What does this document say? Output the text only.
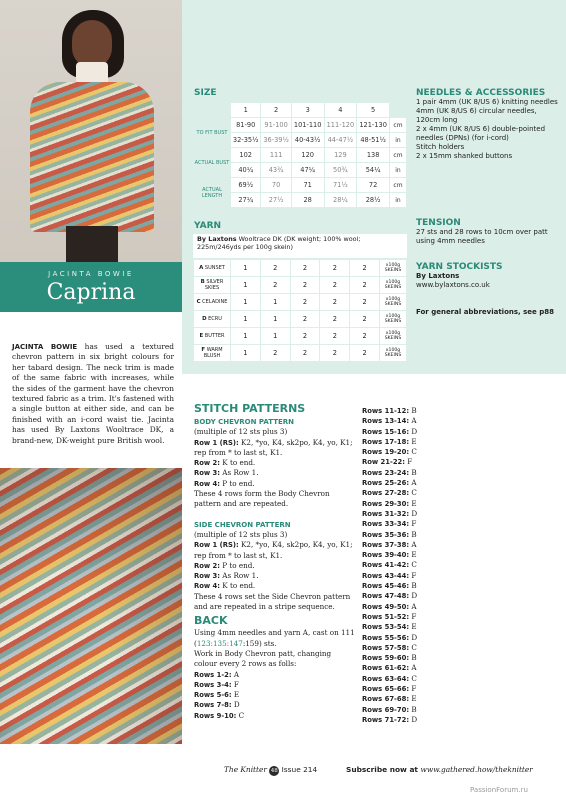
JACINTA BOWIE
Caprina
JACINTA BOWIE has used a textured chevron pattern in six bright colours for her tabard design. The neck trim is made of the same fabric with increases, while the sides of the garment have the chevron textured fabric as a trim. It's fastened with a single button at either side, and can be finished with an i-cord waist tie. Jacinta has used By Laxtons Wooltrace DK, a brand-new, DK-weight pure British wool.
SIZE
	1	2	3	4	5	
TO FIT BUST	81-90	91-100	101-110	111-120	121-130	cm
	32-35½	36-39½	40-43½	44-47½	48-51½	in
ACTUAL BUST	102	111	120	129	138	cm
	40¼	43¾	47¼	50¾	54¼	in
ACTUAL LENGTH	69½	70	71	71½	72	cm
	27¼	27½	28	28¼	28½	in
YARN
By Laxtons Wooltrace DK (DK weight; 100% wool; 225m/246yds per 100g skein)
A SUNSET	1	2	2	2	2	x100g SKEINS
B SILVER SKIES	1	2	2	2	2	x100g SKEINS
C CELADINE	1	1	2	2	2	x100g SKEINS
D ECRU	1	1	2	2	2	x100g SKEINS
E BUTTER	1	1	2	2	2	x100g SKEINS
F WARM BLUSH	1	2	2	2	2	x100g SKEINS
NEEDLES & ACCESSORIES
1 pair 4mm (UK 8/US 6) knitting needles
4mm (UK 8/US 6) circular needles, 120cm long
2 x 4mm (UK 8/US 6) double-pointed needles (DPNs) (for i-cord)
Stitch holders
2 x 15mm shanked buttons
TENSION
27 sts and 28 rows to 10cm over patt using 4mm needles
YARN STOCKISTS
By Laxtons
www.bylaxtons.co.uk
For general abbreviations, see p88
STITCH PATTERNS
BODY CHEVRON PATTERN
(multiple of 12 sts plus 3)
Row 1 (RS): K2, *yo, K4, sk2po, K4, yo, K1; rep from * to last st, K1.
Row 2: K to end.
Row 3: As Row 1.
Row 4: P to end.
These 4 rows form the Body Chevron pattern and are repeated.
SIDE CHEVRON PATTERN
(multiple of 12 sts plus 3)
Row 1 (RS): K2, *yo, K4, sk2po, K4, yo, K1; rep from * to last st, K1.
Row 2: P to end.
Row 3: As Row 1.
Row 4: K to end.
These 4 rows set the Side Chevron pattern and are repeated in a stripe sequence.
BACK
Using 4mm needles and yarn A, cast on 111 (123:135:147:159) sts.
Work in Body Chevron patt, changing colour every 2 rows as folls:
Rows 1-2: A
Rows 3-4: F
Rows 5-6: E
Rows 7-8: D
Rows 9-10: C
Rows 11-12: B
Rows 13-14: A
Rows 15-16: D
Rows 17-18: E
Rows 19-20: C
Row 21-22: F
Rows 23-24: B
Rows 25-26: A
Rows 27-28: C
Rows 29-30: E
Rows 31-32: D
Rows 33-34: F
Rows 35-36: B
Rows 37-38: A
Rows 39-40: E
Rows 41-42: C
Rows 43-44: F
Rows 45-46: B
Rows 47-48: D
Rows 49-50: A
Rows 51-52: F
Rows 53-54: E
Rows 55-56: D
Rows 57-58: C
Rows 59-60: B
Rows 61-62: A
Rows 63-64: C
Rows 65-66: F
Rows 67-68: E
Rows 69-70: B
Rows 71-72: D
The Knitter 48 Issue 214	Subscribe now at www.gathered.how/theknitter
PassionForum.ru
